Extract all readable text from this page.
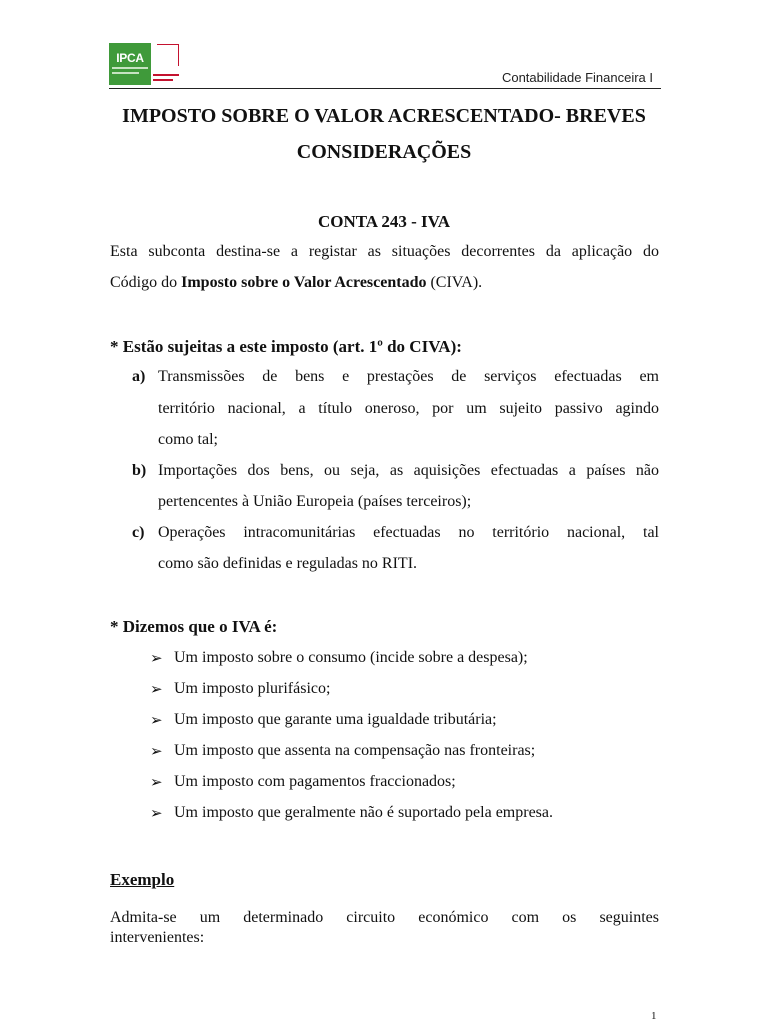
IPCA
Contabilidade Financeira I
IMPOSTO SOBRE O VALOR ACRESCENTADO- BREVES
CONSIDERAÇÕES
CONTA 243 - IVA
Esta subconta destina-se a registar as situações decorrentes da aplicação do
Código do Imposto sobre o Valor Acrescentado (CIVA).
* Estão sujeitas a este imposto (art. 1º do CIVA):
a) Transmissões de bens e prestações de serviços efectuadas em
território nacional, a título oneroso, por um sujeito passivo agindo
como tal;
b) Importações dos bens, ou seja, as aquisições efectuadas a países não
pertencentes à União Europeia (países terceiros);
c) Operações intracomunitárias efectuadas no território nacional, tal
como são definidas e reguladas no RITI.
* Dizemos que o IVA é:
➢ Um imposto sobre o consumo (incide sobre a despesa);
➢ Um imposto plurifásico;
➢ Um imposto que garante uma igualdade tributária;
➢ Um imposto que assenta na compensação nas fronteiras;
➢ Um imposto com pagamentos fraccionados;
➢ Um imposto que geralmente não é suportado pela empresa.
Exemplo
Admita-se um determinado circuito económico com os seguintes
intervenientes:
1
